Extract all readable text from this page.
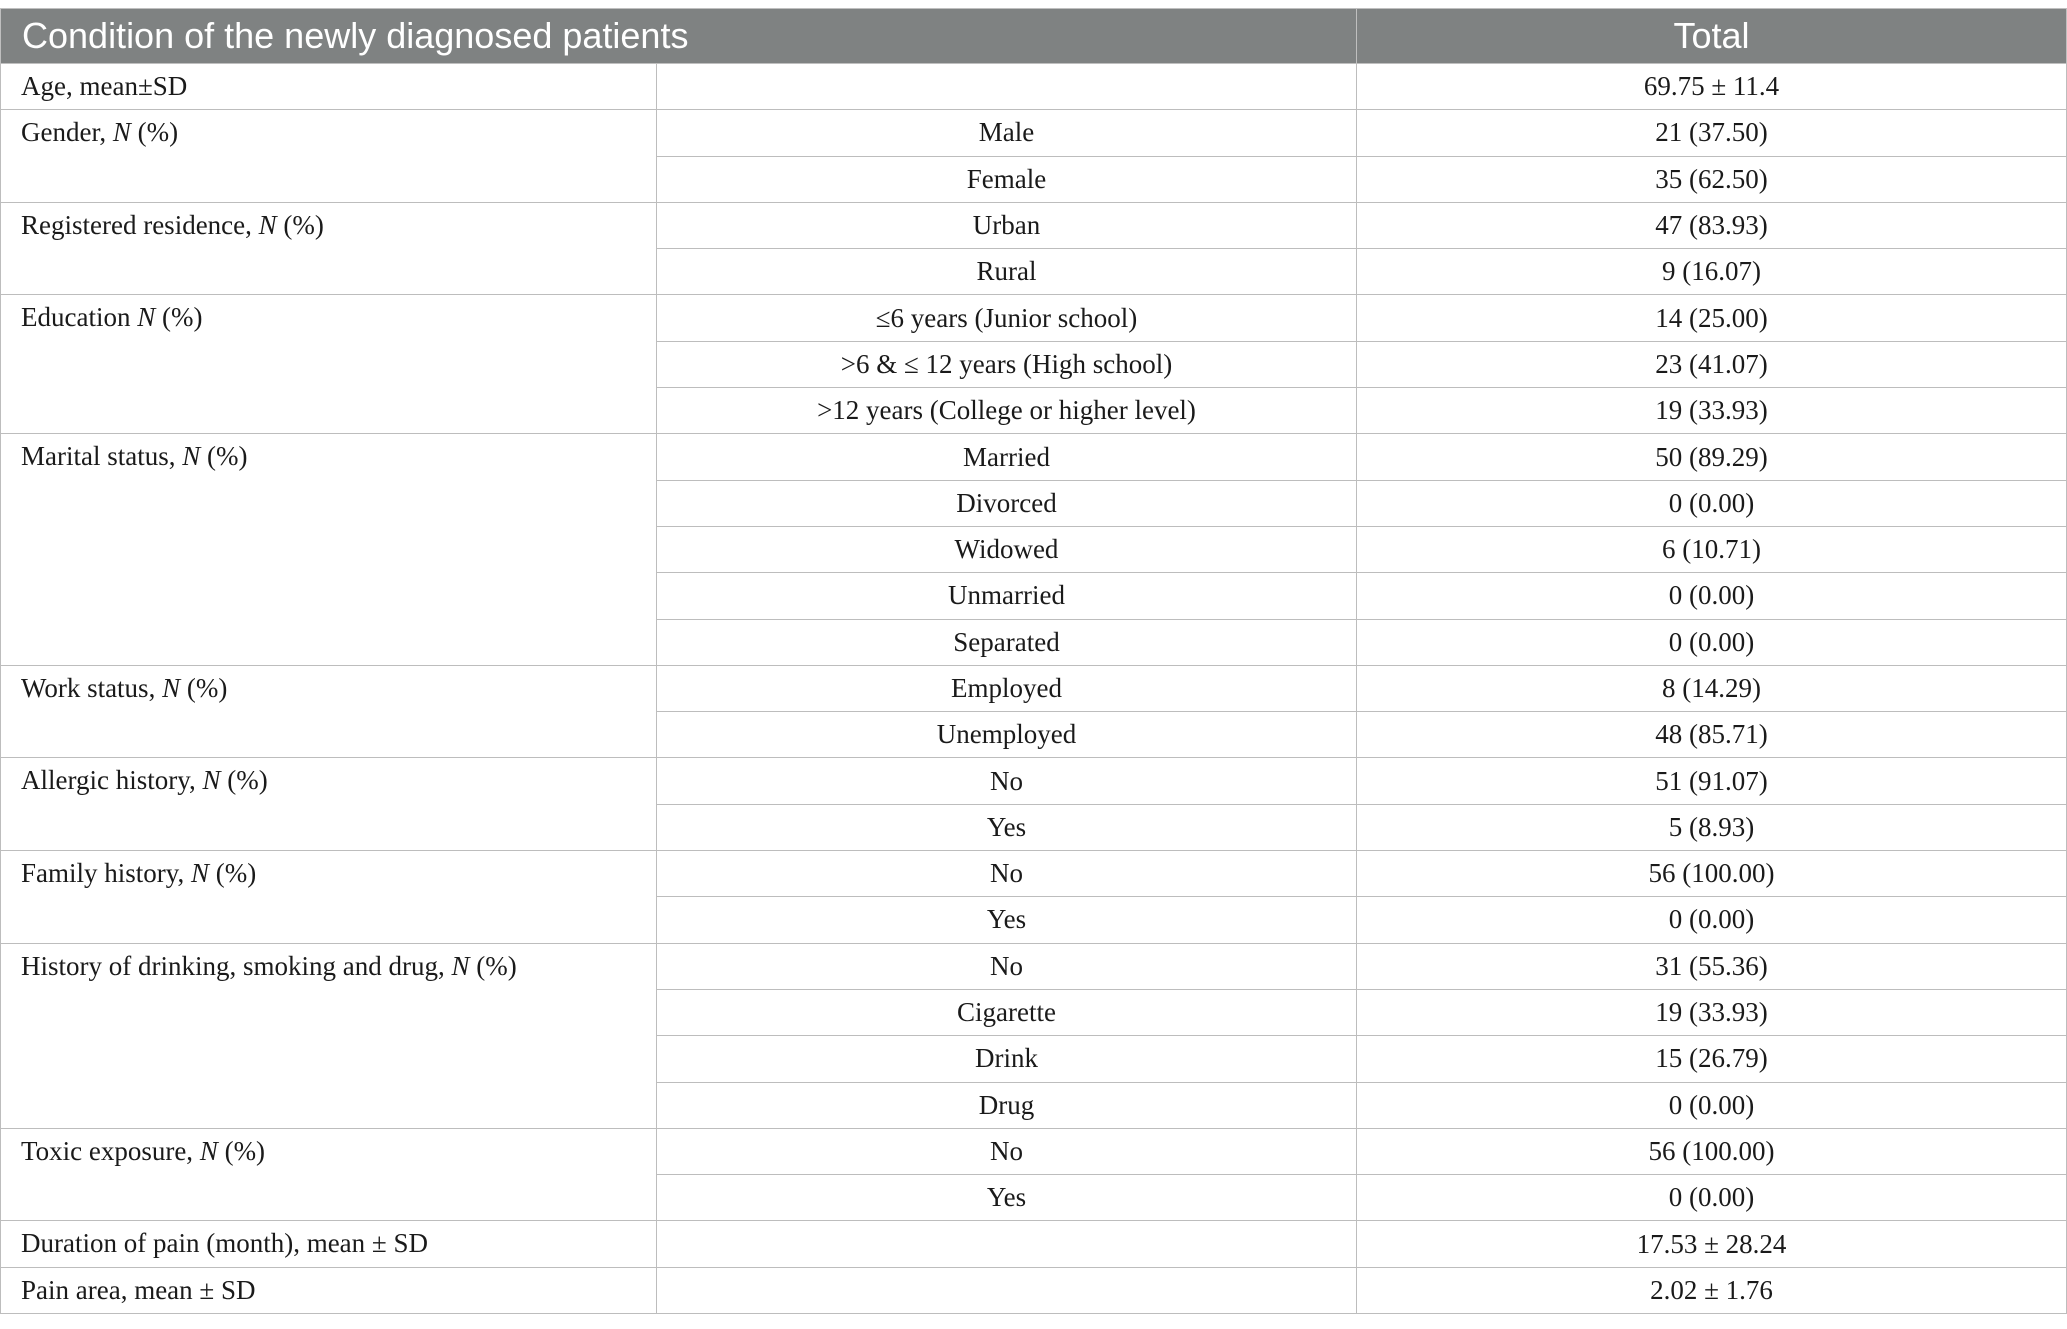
Condition of the newly diagnosed patients		Total
Age, mean±SD		69.75 ± 11.4
Gender, N (%)	Male	21 (37.50)
	Female	35 (62.50)
Registered residence, N (%)	Urban	47 (83.93)
	Rural	9 (16.07)
Education N (%)	≤6 years (Junior school)	14 (25.00)
	>6 & ≤ 12 years (High school)	23 (41.07)
	>12 years (College or higher level)	19 (33.93)
Marital status, N (%)	Married	50 (89.29)
	Divorced	0 (0.00)
	Widowed	6 (10.71)
	Unmarried	0 (0.00)
	Separated	0 (0.00)
Work status, N (%)	Employed	8 (14.29)
	Unemployed	48 (85.71)
Allergic history, N (%)	No	51 (91.07)
	Yes	5 (8.93)
Family history, N (%)	No	56 (100.00)
	Yes	0 (0.00)
History of drinking, smoking and drug, N (%)	No	31 (55.36)
	Cigarette	19 (33.93)
	Drink	15 (26.79)
	Drug	0 (0.00)
Toxic exposure, N (%)	No	56 (100.00)
	Yes	0 (0.00)
Duration of pain (month), mean ± SD		17.53 ± 28.24
Pain area, mean ± SD		2.02 ± 1.76
